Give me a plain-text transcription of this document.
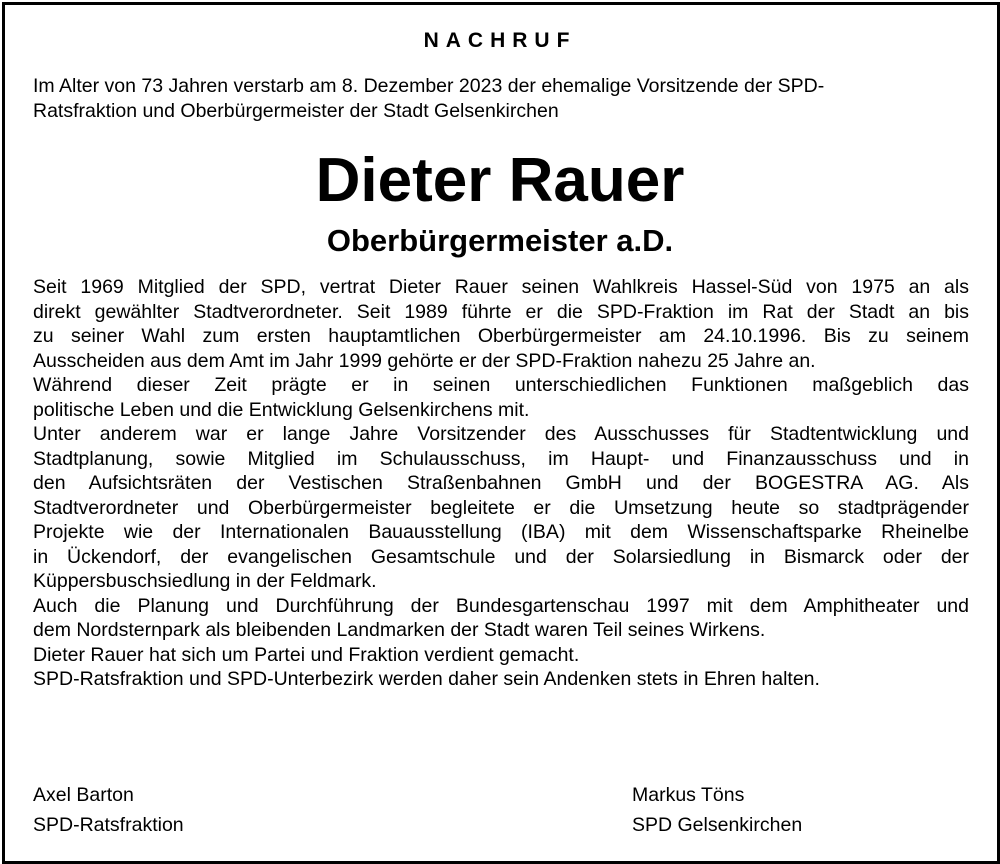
NACHRUF
Im Alter von 73 Jahren verstarb am 8. Dezember 2023 der ehemalige Vorsitzende der SPD-
Ratsfraktion und Oberbürgermeister der Stadt Gelsenkirchen
Dieter Rauer
Oberbürgermeister a.D.
Seit 1969 Mitglied der SPD, vertrat Dieter Rauer seinen Wahlkreis Hassel-Süd von 1975 an als
direkt gewählter Stadtverordneter. Seit 1989 führte er die SPD-Fraktion im Rat der Stadt an bis
zu seiner Wahl zum ersten hauptamtlichen Oberbürgermeister am 24.10.1996. Bis zu seinem
Ausscheiden aus dem Amt im Jahr 1999 gehörte er der SPD-Fraktion nahezu 25 Jahre an.
Während dieser Zeit prägte er in seinen unterschiedlichen Funktionen maßgeblich das
politische Leben und die Entwicklung Gelsenkirchens mit.
Unter anderem war er lange Jahre Vorsitzender des Ausschusses für Stadtentwicklung und
Stadtplanung, sowie Mitglied im Schulausschuss, im Haupt- und Finanzausschuss und in
den Aufsichtsräten der Vestischen Straßenbahnen GmbH und der BOGESTRA AG. Als
Stadtverordneter und Oberbürgermeister begleitete er die Umsetzung heute so stadtprägender
Projekte wie der Internationalen Bauausstellung (IBA) mit dem Wissenschaftsparke Rheinelbe
in Ückendorf, der evangelischen Gesamtschule und der Solarsiedlung in Bismarck oder der
Küppersbuschsiedlung in der Feldmark.
Auch die Planung und Durchführung der Bundesgartenschau 1997 mit dem Amphitheater und
dem Nordsternpark als bleibenden Landmarken der Stadt waren Teil seines Wirkens.
Dieter Rauer hat sich um Partei und Fraktion verdient gemacht.
SPD-Ratsfraktion und SPD-Unterbezirk werden daher sein Andenken stets in Ehren halten.
Axel Barton
SPD-Ratsfraktion
Markus Töns
SPD Gelsenkirchen
